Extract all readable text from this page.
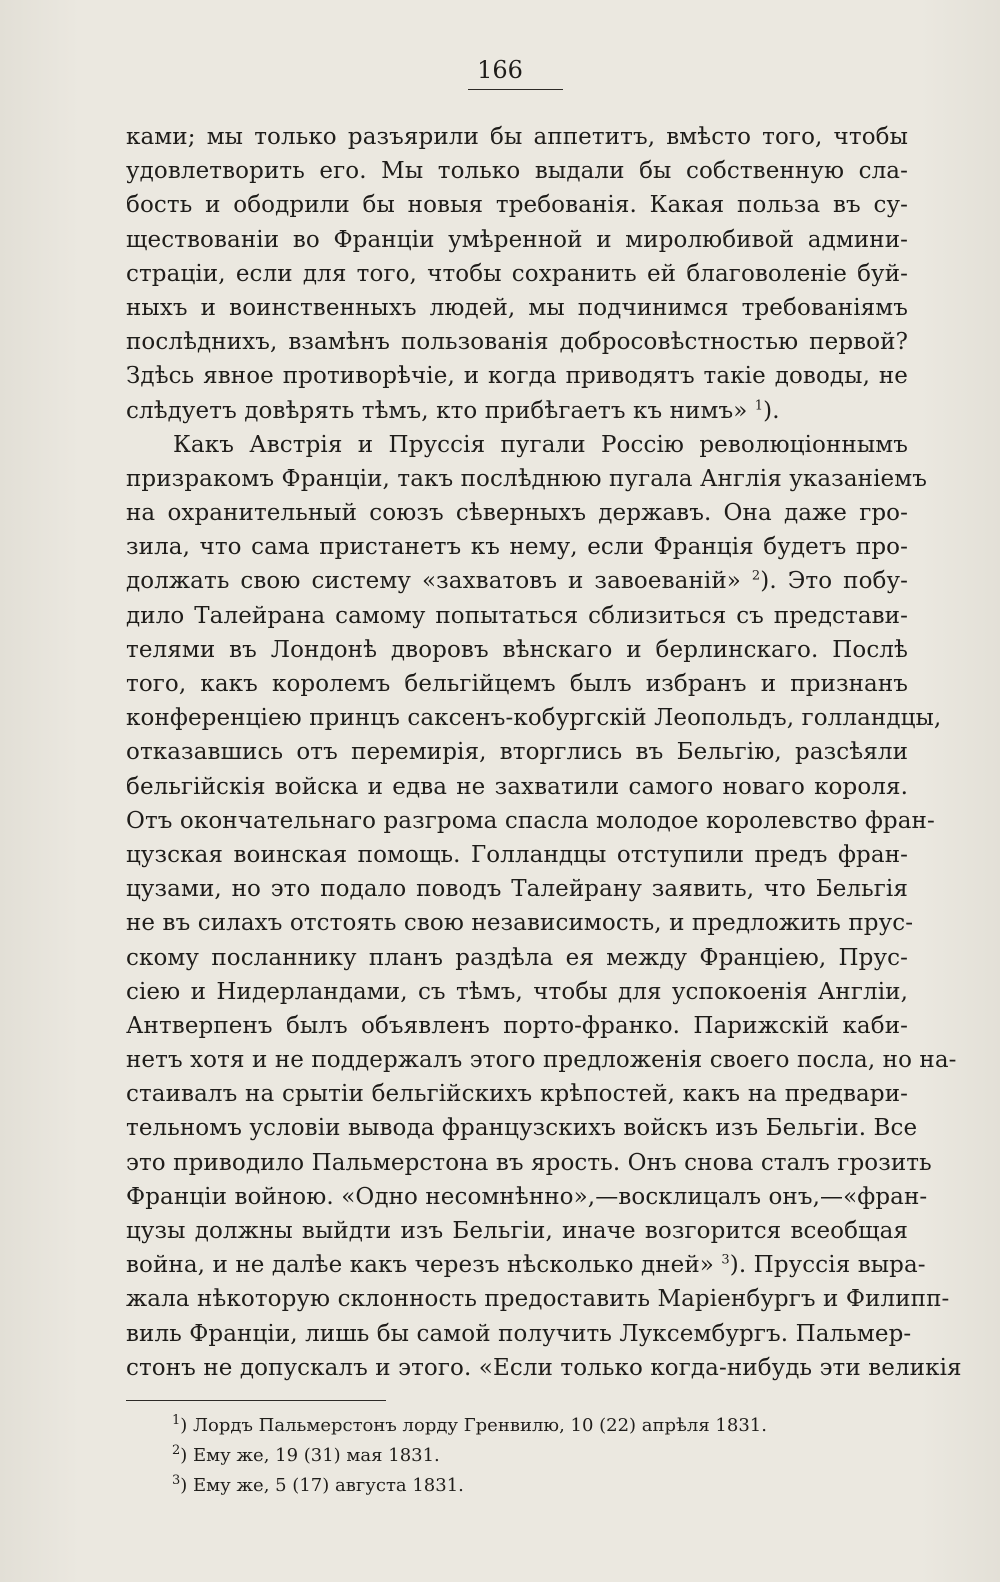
166
ками; мы только разъярили бы аппетитъ, вмѣсто того, чтобы
удовлетворить его. Мы только выдали бы собственную сла-
бость и ободрили бы новыя требованія. Какая польза въ су-
ществованіи во Франціи умѣренной и миролюбивой админи-
страціи, если для того, чтобы сохранить ей благоволеніе буй-
ныхъ и воинственныхъ людей, мы подчинимся требованіямъ
послѣднихъ, взамѣнъ пользованія добросовѣстностью первой?
Здѣсь явное противорѣчіе, и когда приводятъ такіе доводы, не
слѣдуетъ довѣрять тѣмъ, кто прибѣгаетъ къ нимъ» $^1$).
Какъ Австрія и Пруссія пугали Россію революціоннымъ
призракомъ Франціи, такъ послѣднюю пугала Англія указаніемъ
на охранительный союзъ сѣверныхъ державъ. Она даже гро-
зила, что сама пристанетъ къ нему, если Франція будетъ про-
должать свою систему «захватовъ и завоеваній» $^2$). Это побу-
дило Талейрана самому попытаться сблизиться съ представи-
телями въ Лондонѣ дворовъ вѣнскаго и берлинскаго. Послѣ
того, какъ королемъ бельгійцемъ былъ избранъ и признанъ
конференціею принцъ саксенъ-кобургскій Леопольдъ, голландцы,
отказавшись отъ перемирія, вторглись въ Бельгію, разсѣяли
бельгійскія войска и едва не захватили самого новаго короля.
Отъ окончательнаго разгрома спасла молодое королевство фран-
цузская воинская помощь. Голландцы отступили предъ фран-
цузами, но это подало поводъ Талейрану заявить, что Бельгія
не въ силахъ отстоять свою независимость, и предложить прус-
скому посланнику планъ раздѣла ея между Франціею, Прус-
сіею и Нидерландами, съ тѣмъ, чтобы для успокоенія Англіи,
Антверпенъ былъ объявленъ порто-франко. Парижскій каби-
нетъ хотя и не поддержалъ этого предложенія своего посла, но на-
стаивалъ на срытіи бельгійскихъ крѣпостей, какъ на предвари-
тельномъ условіи вывода французскихъ войскъ изъ Бельгіи. Все
это приводило Пальмерстона въ ярость. Онъ снова сталъ грозить
Франціи войною. «Одно несомнѣнно»,—восклицалъ онъ,—«фран-
цузы должны выйдти изъ Бельгіи, иначе возгорится всеобщая
война, и не далѣе какъ черезъ нѣсколько дней» $^3$). Пруссія выра-
жала нѣкоторую склонность предоставить Маріенбургъ и Филипп-
виль Франціи, лишь бы самой получить Луксембургъ. Пальмер-
стонъ не допускалъ и этого. «Если только когда-нибудь эти великія
$^1$) Лордъ Пальмерстонъ лорду Гренвилю, 10 (22) апрѣля 1831.
$^2$) Ему же, 19 (31) мая 1831.
$^3$) Ему же, 5 (17) августа 1831.
